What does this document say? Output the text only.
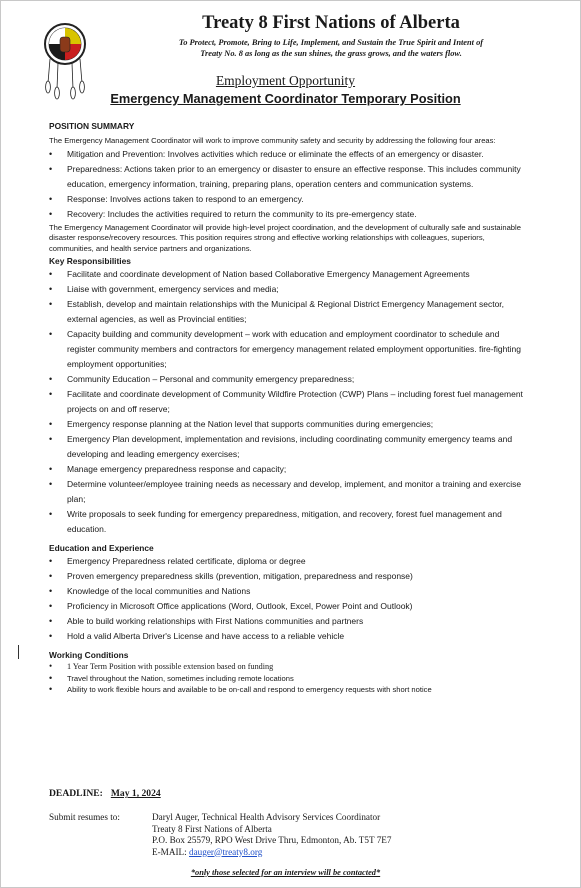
Treaty 8 First Nations of Alberta
To Protect, Promote, Bring to Life, Implement, and Sustain the True Spirit and Intent of
Treaty No. 8 as long as the sun shines, the grass grows, and the waters flow.
Employment Opportunity
Emergency Management Coordinator Temporary Position

POSITION SUMMARY

The Emergency Management Coordinator will work to improve community safety and security by addressing the following four areas:

• Mitigation and Prevention: Involves activities which reduce or eliminate the effects of an emergency or disaster.
• Preparedness: Actions taken prior to an emergency or disaster to ensure an effective response. This includes community education, emergency information, training, preparing plans, operation centers and communication systems.
• Response: Involves actions taken to respond to an emergency.
• Recovery: Includes the activities required to return the community to its pre-emergency state.

The Emergency Management Coordinator will provide high-level project coordination, and the development of culturally safe and sustainable disaster response/recovery resources. This position requires strong and effective working relationships with colleagues, superiors, communities, and health service partners and organizations.

Key Responsibilities

• Facilitate and coordinate development of Nation based Collaborative Emergency Management Agreements
• Liaise with government, emergency services and media;
• Establish, develop and maintain relationships with the Municipal & Regional District Emergency Management sector, external agencies, as well as Provincial entities;
• Capacity building and community development – work with education and employment coordinator to schedule and register community members and contractors for emergency management related employment opportunities. fire-fighting employment opportunities;
• Community Education – Personal and community emergency preparedness;
• Facilitate and coordinate development of Community Wildfire Protection (CWP) Plans – including forest fuel management projects on and off reserve;
• Emergency response planning at the Nation level that supports communities during emergencies;
• Emergency Plan development, implementation and revisions, including coordinating community emergency teams and developing and leading emergency exercises;
• Manage emergency preparedness response and capacity;
• Determine volunteer/employee training needs as necessary and develop, implement, and monitor a training and exercise plan;
• Write proposals to seek funding for emergency preparedness, mitigation, and recovery, forest fuel management and education.

Education and Experience

• Emergency Preparedness related certificate, diploma or degree
• Proven emergency preparedness skills (prevention, mitigation, preparedness and response)
• Knowledge of the local communities and Nations
• Proficiency in Microsoft Office applications (Word, Outlook, Excel, Power Point and Outlook)
• Able to build working relationships with First Nations communities and partners
• Hold a valid Alberta Driver's License and have access to a reliable vehicle

Working Conditions

• 1 Year Term Position with possible extension based on funding
• Travel throughout the Nation, sometimes including remote locations
• Ability to work flexible hours and available to be on-call and respond to emergency requests with short notice
DEADLINE: May 1, 2024
Submit resumes to:	Daryl Auger, Technical Health Advisory Services Coordinator
Treaty 8 First Nations of Alberta
P.O. Box 25579, RPO West Drive Thru, Edmonton, Ab. T5T 7E7
E-MAIL: dauger@treaty8.org
*only those selected for an interview will be contacted*
